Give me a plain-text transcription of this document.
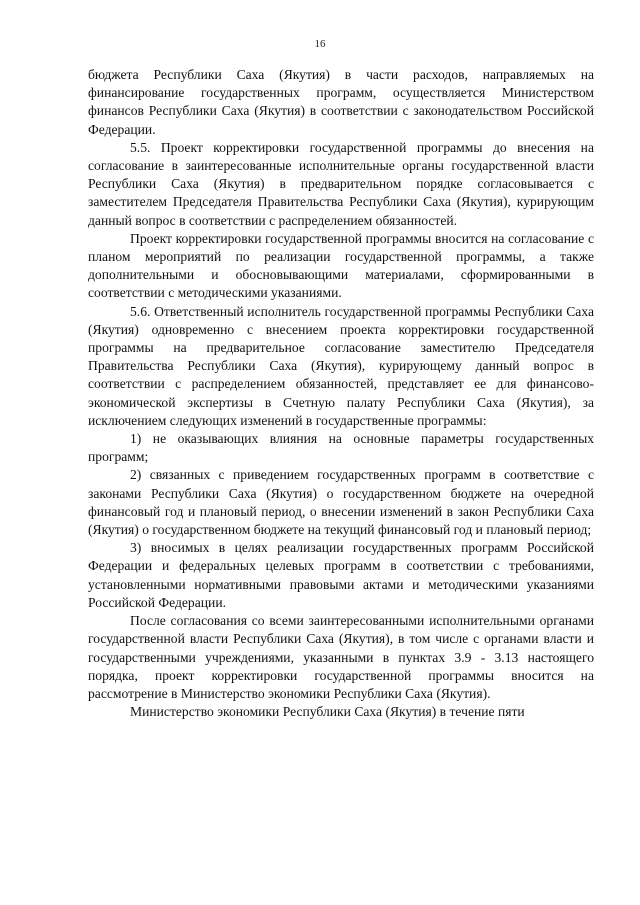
16

бюджета Республики Саха (Якутия) в части расходов, направляемых на финансирование государственных программ, осуществляется Министерством финансов Республики Саха (Якутия) в соответствии с законодательством Российской Федерации.

5.5. Проект корректировки государственной программы до внесения на согласование в заинтересованные исполнительные органы государственной власти Республики Саха (Якутия) в предварительном порядке согласовывается с заместителем Председателя Правительства Республики Саха (Якутия), курирующим данный вопрос в соответствии с распределением обязанностей.

Проект корректировки государственной программы вносится на согласование с планом мероприятий по реализации государственной программы, а также дополнительными и обосновывающими материалами, сформированными в соответствии с методическими указаниями.

5.6. Ответственный исполнитель государственной программы Республики Саха (Якутия) одновременно с внесением проекта корректировки государственной программы на предварительное согласование заместителю Председателя Правительства Республики Саха (Якутия), курирующему данный вопрос в соответствии с распределением обязанностей, представляет ее для финансово-экономической экспертизы в Счетную палату Республики Саха (Якутия), за исключением следующих изменений в государственные программы:

1) не оказывающих влияния на основные параметры государственных программ;

2) связанных с приведением государственных программ в соответствие с законами Республики Саха (Якутия) о государственном бюджете на очередной финансовый год и плановый период, о внесении изменений в закон Республики Саха (Якутия) о государственном бюджете на текущий финансовый год и плановый период;

3) вносимых в целях реализации государственных программ Российской Федерации и федеральных целевых программ в соответствии с требованиями, установленными нормативными правовыми актами и методическими указаниями Российской Федерации.

После согласования со всеми заинтересованными исполнительными органами государственной власти Республики Саха (Якутия), в том числе с органами власти и государственными учреждениями, указанными в пунктах 3.9 - 3.13 настоящего порядка, проект корректировки государственной программы вносится на рассмотрение в Министерство экономики Республики Саха (Якутия).

Министерство экономики Республики Саха (Якутия) в течение пяти
